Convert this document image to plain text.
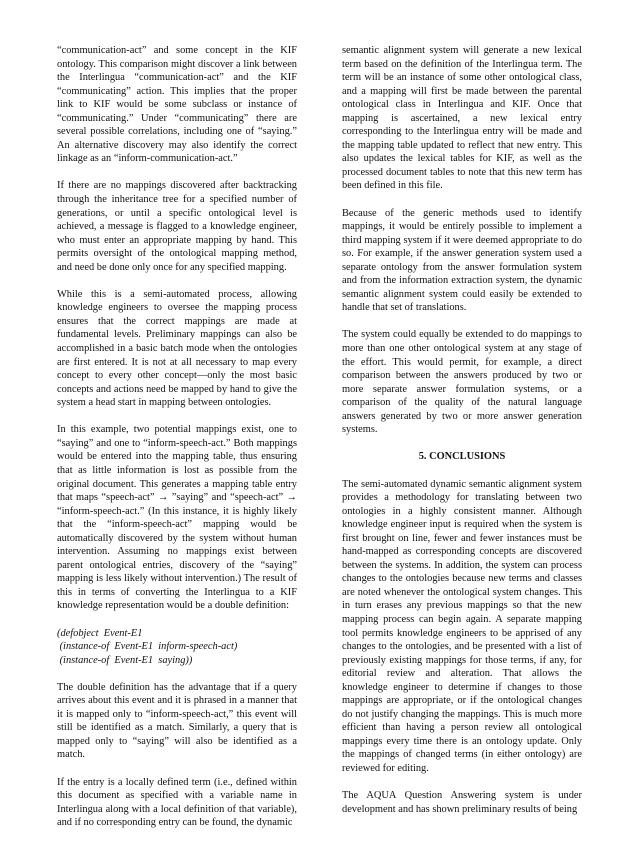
“communication-act” and some concept in the KIF ontology. This comparison might discover a link between the Interlingua “communication-act” and the KIF “communicating” action. This implies that the proper link to KIF would be some subclass or instance of “communicating.” Under “communicating” there are several possible correlations, including one of “saying.” An alternative discovery may also identify the correct linkage as an “inform-communication-act.”

If there are no mappings discovered after backtracking through the inheritance tree for a specified number of generations, or until a specific ontological level is achieved, a message is flagged to a knowledge engineer, who must enter an appropriate mapping by hand. This permits oversight of the ontological mapping method, and need be done only once for any specified mapping.

While this is a semi-automated process, allowing knowledge engineers to oversee the mapping process ensures that the correct mappings are made at fundamental levels. Preliminary mappings can also be accomplished in a basic batch mode when the ontologies are first entered. It is not at all necessary to map every concept to every other concept—only the most basic concepts and actions need be mapped by hand to give the system a head start in mapping between ontologies.

In this example, two potential mappings exist, one to “saying” and one to “inform-speech-act.” Both mappings would be entered into the mapping table, thus ensuring that as little information is lost as possible from the original document. This generates a mapping table entry that maps “speech-act” → ”saying” and “speech-act” → “inform-speech-act.” (In this instance, it is highly likely that the “inform-speech-act” mapping would be automatically discovered by the system without human intervention. Assuming no mappings exist between parent ontological entries, discovery of the “saying” mapping is less likely without intervention.) The result of this in terms of converting the Interlingua to a KIF knowledge representation would be a double definition:

(defobject  Event-E1
(instance-of  Event-E1  inform-speech-act)
(instance-of  Event-E1  saying))

The double definition has the advantage that if a query arrives about this event and it is phrased in a manner that it is mapped only to “inform-speech-act,” this event will still be identified as a match. Similarly, a query that is mapped only to “saying” will also be identified as a match.

If the entry is a locally defined term (i.e., defined within this document as specified with a variable name in Interlingua along with a local definition of that variable), and if no corresponding entry can be found, the dynamic

semantic alignment system will generate a new lexical term based on the definition of the Interlingua term. The term will be an instance of some other ontological class, and a mapping will first be made between the parental ontological class in Interlingua and KIF. Once that mapping is ascertained, a new lexical entry corresponding to the Interlingua entry will be made and the mapping table updated to reflect that new entry. This also updates the lexical tables for KIF, as well as the processed document tables to note that this new term has been defined in this file.

Because of the generic methods used to identify mappings, it would be entirely possible to implement a third mapping system if it were deemed appropriate to do so. For example, if the answer generation system used a separate ontology from the answer formulation system and from the information extraction system, the dynamic semantic alignment system could easily be extended to handle that set of translations.

The system could equally be extended to do mappings to more than one other ontological system at any stage of the effort. This would permit, for example, a direct comparison between the answers produced by two or more separate answer formulation systems, or a comparison of the quality of the natural language answers generated by two or more answer generation systems.

5. CONCLUSIONS

The semi-automated dynamic semantic alignment system provides a methodology for translating between two ontologies in a highly consistent manner. Although knowledge engineer input is required when the system is first brought on line, fewer and fewer instances must be hand-mapped as corresponding concepts are discovered between the systems. In addition, the system can process changes to the ontologies because new terms and classes are noted whenever the ontological system changes. This in turn erases any previous mappings so that the new mapping process can begin again. A separate mapping tool permits knowledge engineers to be apprised of any changes to the ontologies, and be presented with a list of previously existing mappings for those terms, if any, for editorial review and alteration. That allows the knowledge engineer to determine if changes to those mappings are appropriate, or if the ontological changes do not justify changing the mappings. This is much more efficient than having a person review all ontological mappings every time there is an ontology update. Only the mappings of changed terms (in either ontology) are reviewed for editing.

The AQUA Question Answering system is under development and has shown preliminary results of being
